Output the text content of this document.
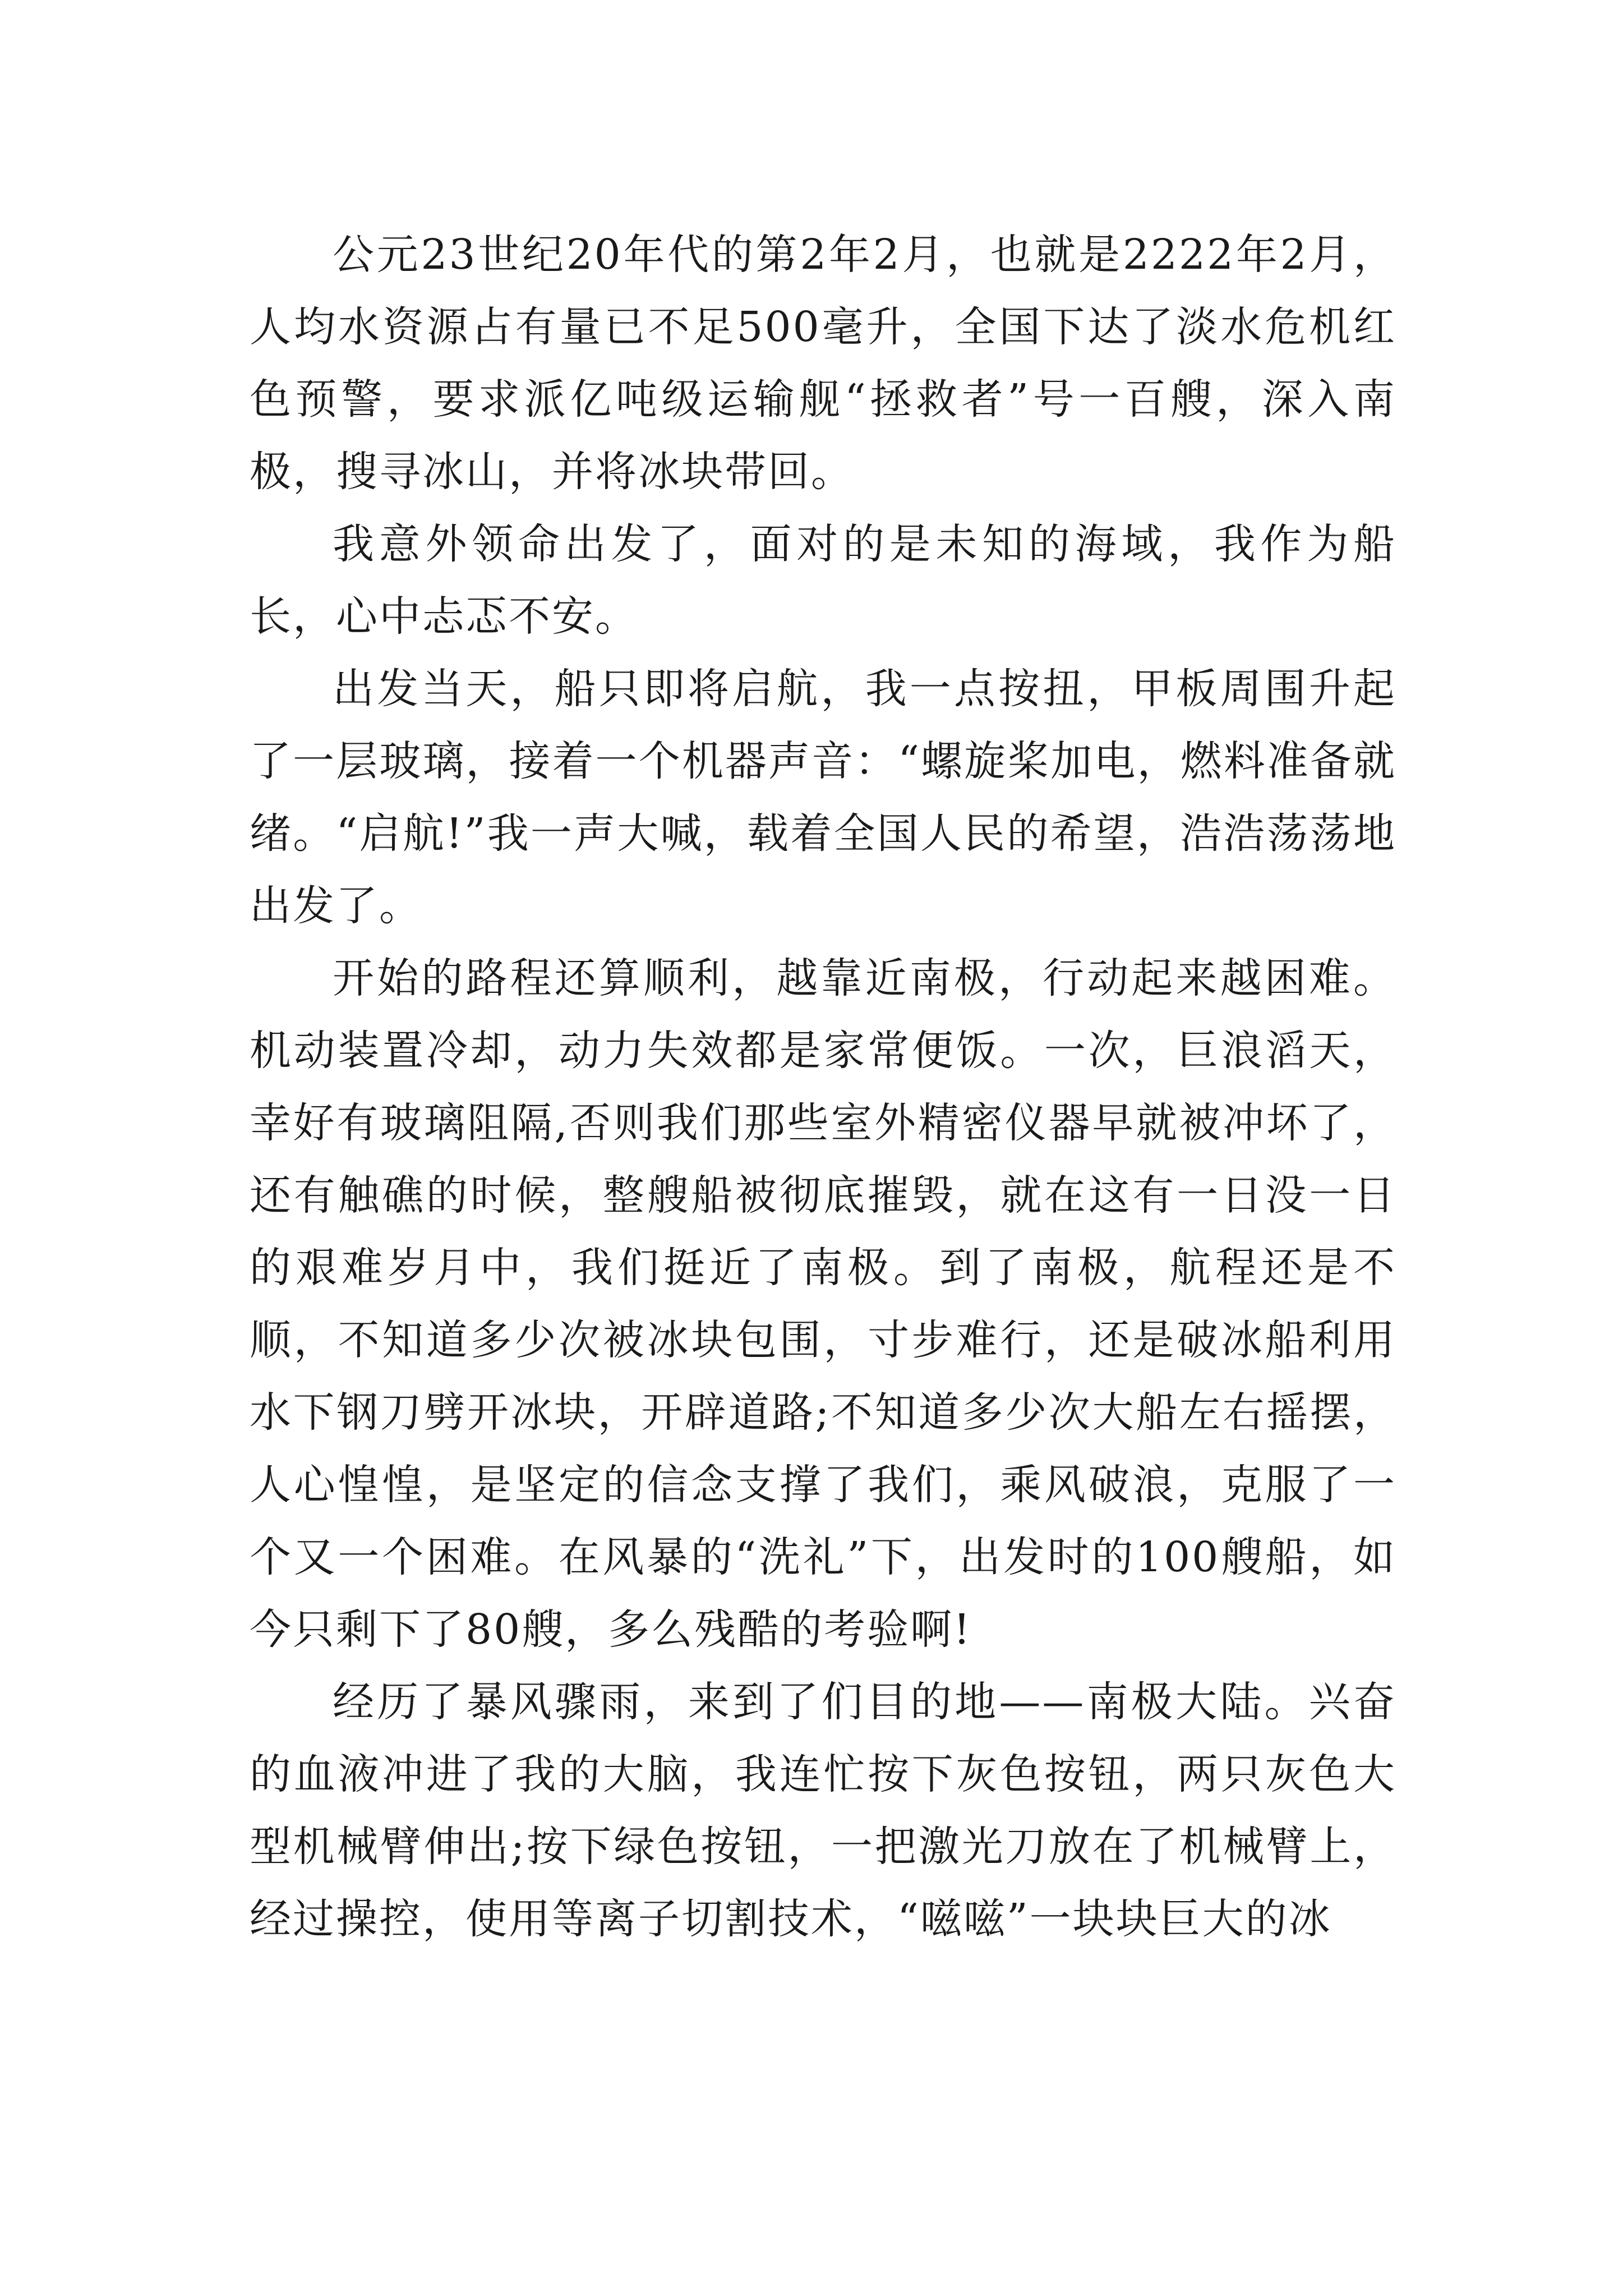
公元23世纪20年代的第2年2月，也就是2222年2月，人均水资源占有量已不足500毫升，全国下达了淡水危机红色预警，要求派亿吨级运输舰“拯救者”号一百艘，深入南极，搜寻冰山，并将冰块带回。

我意外领命出发了，面对的是未知的海域，我作为船长，心中忐忑不安。

出发当天，船只即将启航，我一点按扭，甲板周围升起了一层玻璃，接着一个机器声音：“螺旋桨加电，燃料准备就绪。“启航!”我一声大喊，载着全国人民的希望，浩浩荡荡地出发了。

开始的路程还算顺利，越靠近南极，行动起来越困难。机动装置冷却，动力失效都是家常便饭。一次，巨浪滔天，幸好有玻璃阻隔,否则我们那些室外精密仪器早就被冲坏了，还有触礁的时候，整艘船被彻底摧毁，就在这有一日没一日的艰难岁月中，我们挺近了南极。到了南极，航程还是不顺，不知道多少次被冰块包围，寸步难行，还是破冰船利用水下钢刀劈开冰块，开辟道路;不知道多少次大船左右摇摆，人心惶惶，是坚定的信念支撑了我们，乘风破浪，克服了一个又一个困难。在风暴的“洗礼”下，出发时的100艘船，如今只剩下了80艘，多么残酷的考验啊!

经历了暴风骤雨，来到了们目的地——南极大陆。兴奋的血液冲进了我的大脑，我连忙按下灰色按钮，两只灰色大型机械臂伸出;按下绿色按钮，一把激光刀放在了机械臂上，经过操控，使用等离子切割技术，“嗞嗞”一块块巨大的冰
